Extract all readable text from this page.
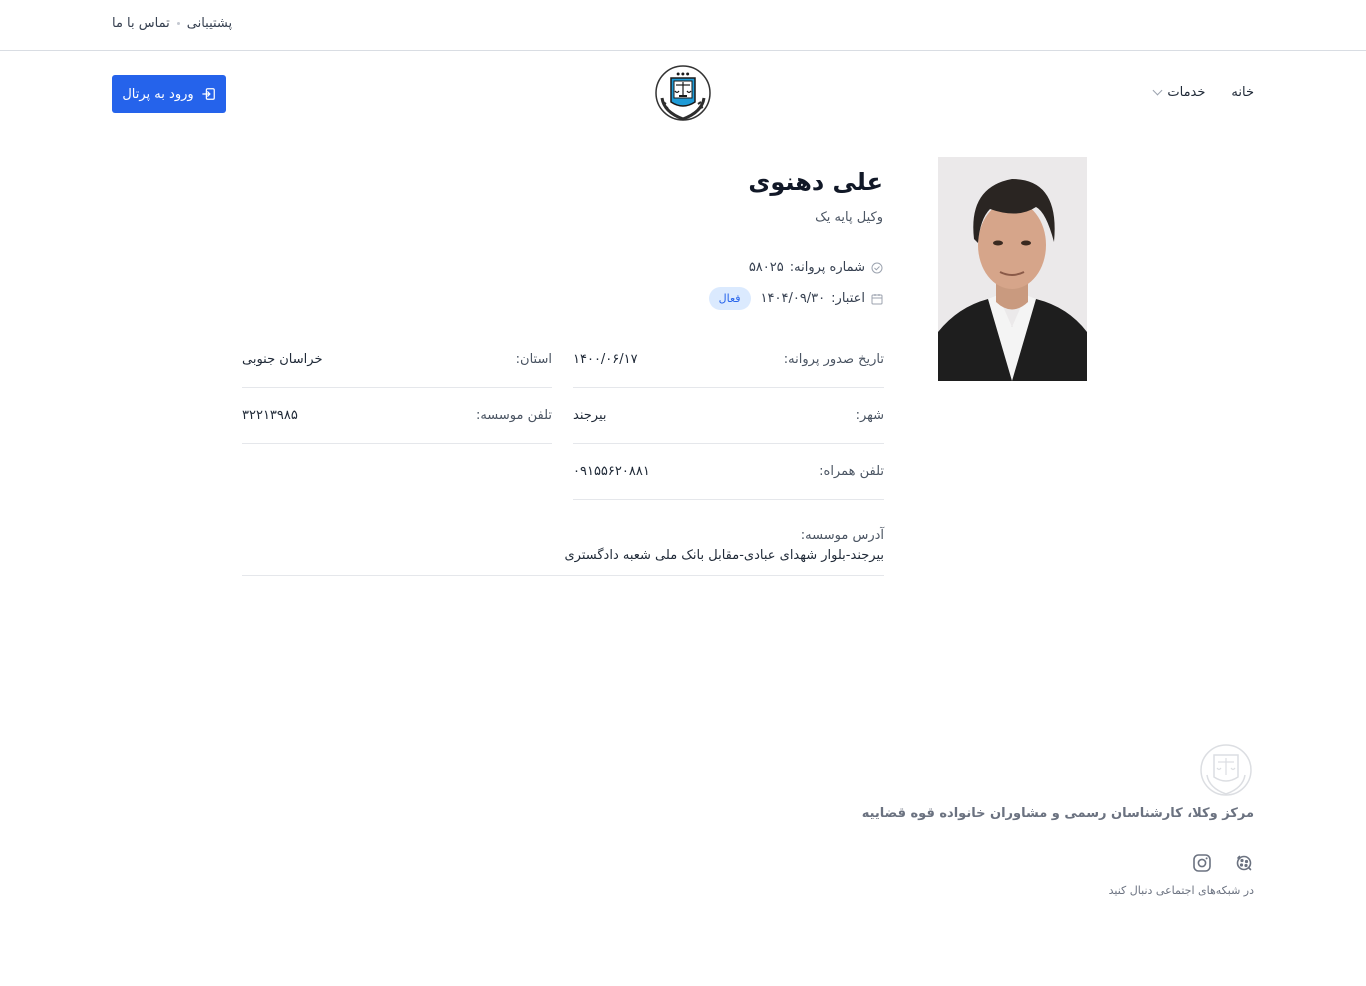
پشتیبانی
تماس با ما
خانه
خدمات
● ● ●
ورود به پرتال
علی دهنوی
وکیل پایه یک
شماره پروانه:
۵۸۰۲۵
اعتبار:
۱۴۰۴/۰۹/۳۰
فعال
تاریخ صدور پروانه:
۱۴۰۰/۰۶/۱۷
استان:
خراسان جنوبی
شهر:
بیرجند
تلفن موسسه:
۳۲۲۱۳۹۸۵
تلفن همراه:
۰۹۱۵۵۶۲۰۸۸۱
آدرس موسسه:
بیرجند-بلوار شهدای عبادی-مقابل بانک ملی شعبه دادگستری
مرکز وکلا، کارشناسان رسمی و مشاوران خانواده قوه قضاییه
در شبکه‌های اجتماعی دنبال کنید
